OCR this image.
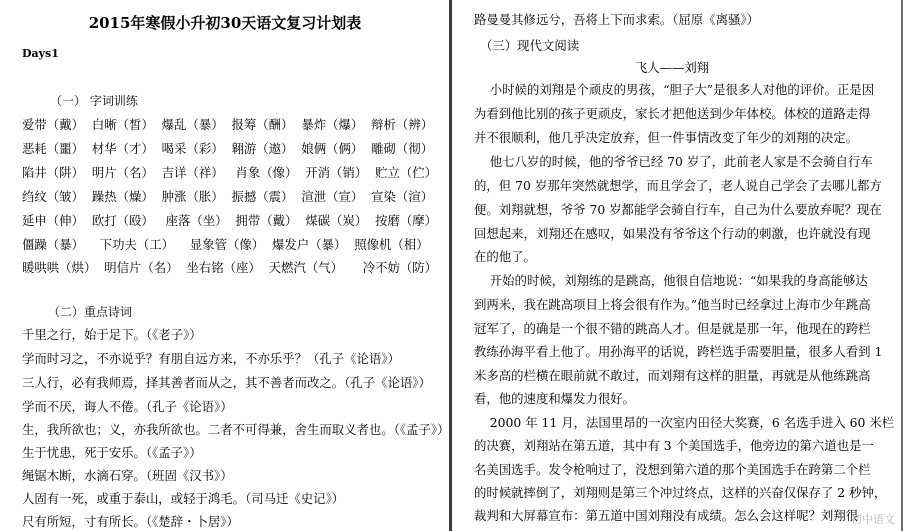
2015年寒假小升初30天语文复习计划表
Days1
（一） 字词训练
爱带（戴）  白晰（皙）  爆乱（暴）  报筹（酬）  暴炸（爆）  辩析（辨）
恶耗（噩）  材华（才）  喝采（彩）  翱游（遨）  娘俩（俩）  雕砌（彻）
陷井（阱）  明片（名）  吉详（祥）   肖象（像）  开消（销）  贮立（伫）
绉纹（皱）  躁热（燥）  肿涨（胀）  振撼（震）  渲泄（宣）  宣染（渲）
延申（伸）  欧打（殴）   座落（坐）  拥带（戴）  煤碳（炭）  按磨（摩）
僵躁（暴）    下功夫（工）    显象管（像）  爆发户（暴）  照像机（相）
暖哄哄（烘）  明信片（名）  坐右铭（座）  天燃汽（气）     冷不妨（防）
（二）重点诗词
千里之行，始于足下。（《老子》）
学而时习之，不亦说乎？有朋自远方来，不亦乐乎？（孔子《论语》）
三人行，必有我师焉，择其善者而从之，其不善者而改之。（孔子《论语》）
学而不厌，诲人不倦。（孔子《论语》）
生，我所欲也；义，亦我所欲也。二者不可得兼，舍生而取义者也。（《孟子》）
生于忧患，死于安乐。（《孟子》）
绳锯木断，水滴石穿。（班固《汉书》）
人固有一死，或重于泰山，或轻于鸿毛。（司马迁《史记》）
尺有所短，寸有所长。（《楚辞・卜居》）
路曼曼其修远兮，吾将上下而求索。（屈原《离骚》）
（三）现代文阅读
飞人——刘翔
小时候的刘翔是个顽皮的男孩，“胆子大”是很多人对他的评价。正是因
为看到他比别的孩子更顽皮，家长才把他送到少年体校。体校的道路走得
并不很顺利，他几乎决定放弃，但一件事情改变了年少的刘翔的决定。
他七八岁的时候，他的爷爷已经 70 岁了，此前老人家是不会骑自行车
的，但 70 岁那年突然就想学，而且学会了，老人说自己学会了去哪儿都方
便。刘翔就想，爷爷 70 岁都能学会骑自行车，自己为什么要放弃呢？现在
回想起来，刘翔还在感叹，如果没有爷爷这个行动的刺激，也许就没有现
在的他了。
开始的时候，刘翔练的是跳高，他很自信地说：“如果我的身高能够达
到两米，我在跳高项目上将会很有作为。”他当时已经拿过上海市少年跳高
冠军了，的确是一个很不错的跳高人才。但是就是那一年，他现在的跨栏
教练孙海平看上他了。用孙海平的话说，跨栏选手需要胆量，很多人看到 1
米多高的栏横在眼前就不敢过，而刘翔有这样的胆量，再就是从他练跳高
看，他的速度和爆发力很好。
2000 年 11 月，法国里昂的一次室内田径大奖赛，6 名选手进入 60 米栏
的决赛，刘翔站在第五道，其中有 3 个美国选手，他旁边的第六道也是一
名美国选手。发令枪响过了，没想到第六道的那个美国选手在跨第二个栏
的时候就摔倒了，刘翔则是第三个冲过终点，这样的兴奋仅保存了 2 秒钟，
裁判和大屏幕宣布：第五道中国刘翔没有成绩。怎么会这样呢？刘翔很
初中语文
